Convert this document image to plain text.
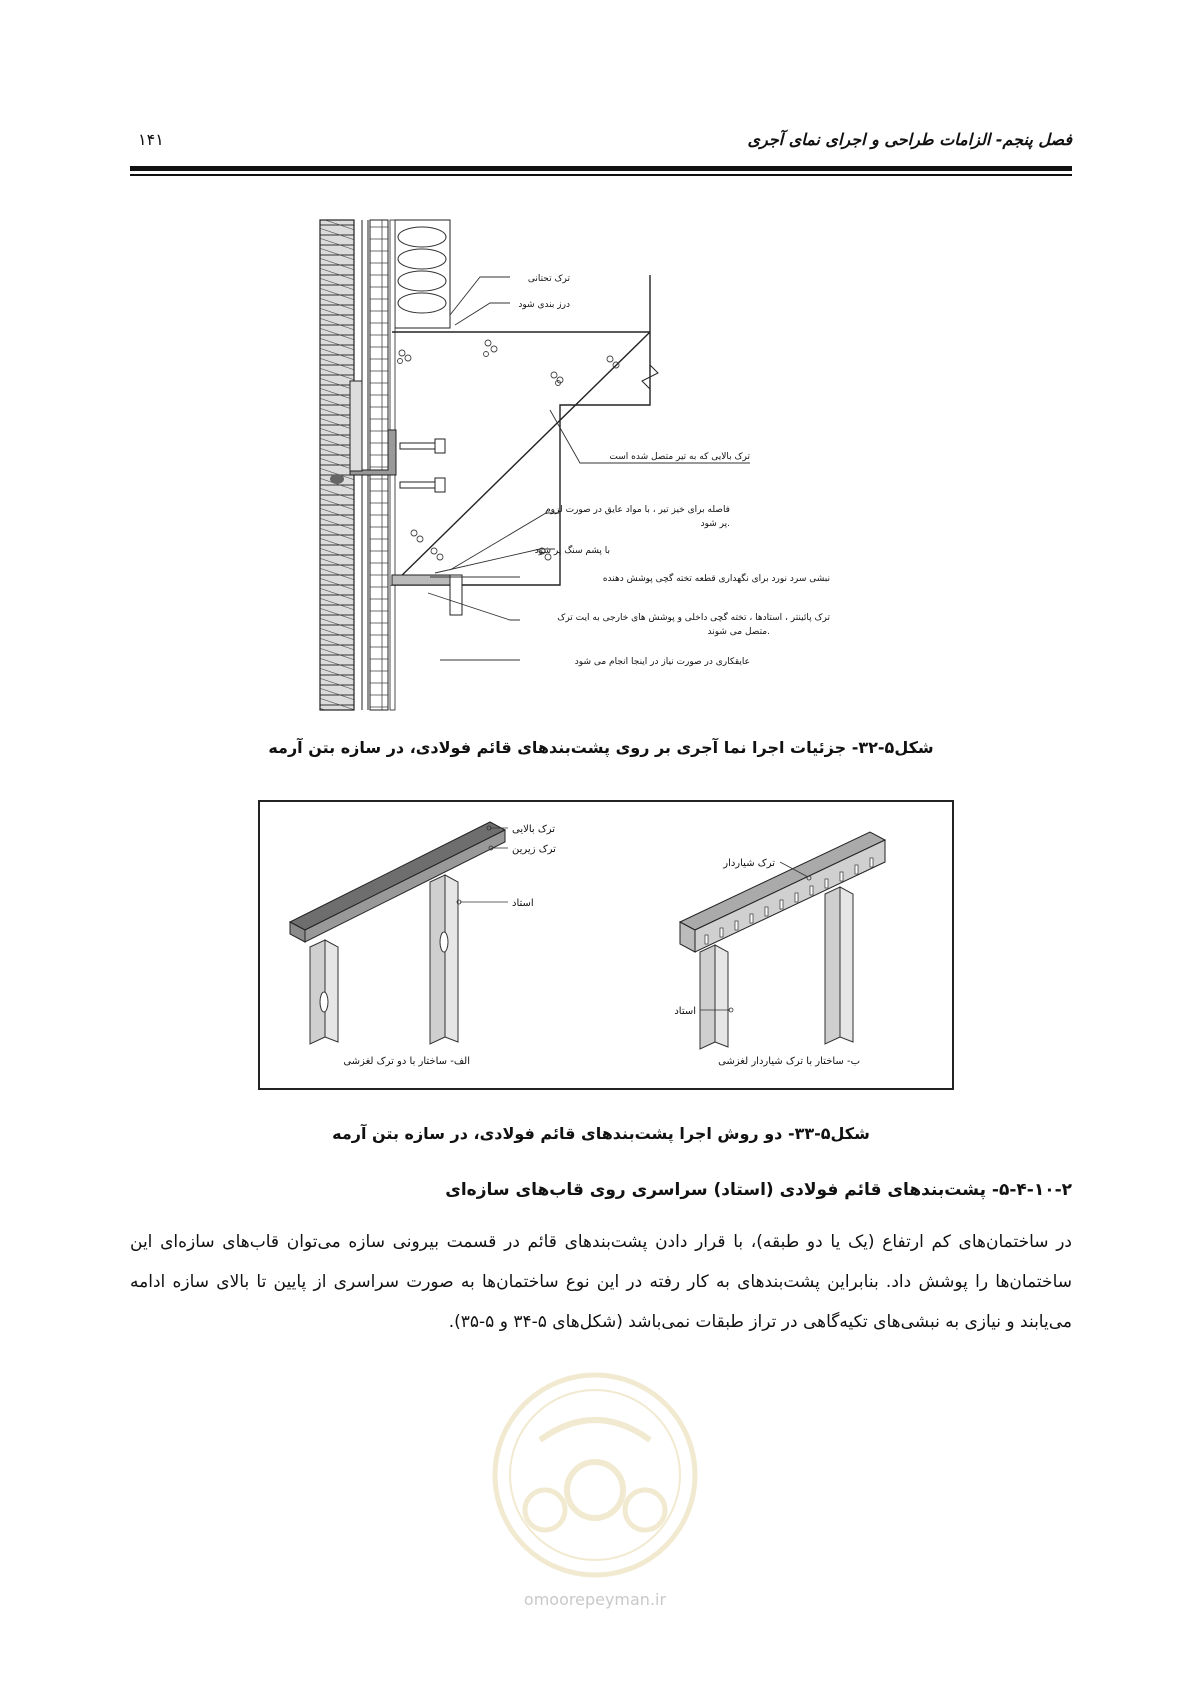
فصل پنجم- الزامات طراحی و اجرای نمای آجری
۱۴۱
ترک تحتانی
درز بندی شود
ترک بالایی که به تیر متصل شده است
فاصله برای خیز تیر ، با مواد عایق در صورت لزوم
پر شود.
با پشم سنگ پر شود
نبشی سرد نورد برای نگهداری قطعه تخته گچی پوشش دهنده
ترک پائینتر ، استادها ، تخته گچی داخلی و پوشش های خارجی به ایت ترک
متصل می شوند.
عایقکاری در صورت نیاز در اینجا انجام می شود
شکل۵-۳۲- جزئیات اجرا نما آجری بر روی پشت‌بندهای قائم فولادی، در سازه بتن آرمه
ترک بالایی
ترک زیرین
استاد
الف- ساختار با دو ترک لغزشی
ترک شیاردار
استاد
ب- ساختار با ترک شیاردار لغزشی
شکل۵-۳۳- دو روش اجرا پشت‌بندهای قائم فولادی، در سازه بتن آرمه
۵-۴-۱۰-۲- پشت‌بندهای قائم فولادی (استاد) سراسری روی قاب‌های سازه‌ای
در ساختمان‌های کم ارتفاع (یک یا دو طبقه)، با قرار دادن پشت‌بندهای قائم در قسمت بیرونی سازه می‌توان قاب‌های سازه‌ای این ساختمان‌ها را پوشش داد. بنابراین پشت‌بندهای به کار رفته در این نوع ساختمان‌ها به صورت سراسری از پایین تا بالای سازه ادامه می‌یابند و نیازی به نبشی‌های تکیه‌گاهی در تراز طبقات نمی‌باشد (شکل‌های ۵-۳۴ و ۵-۳۵).
omoorepeyman.ir
